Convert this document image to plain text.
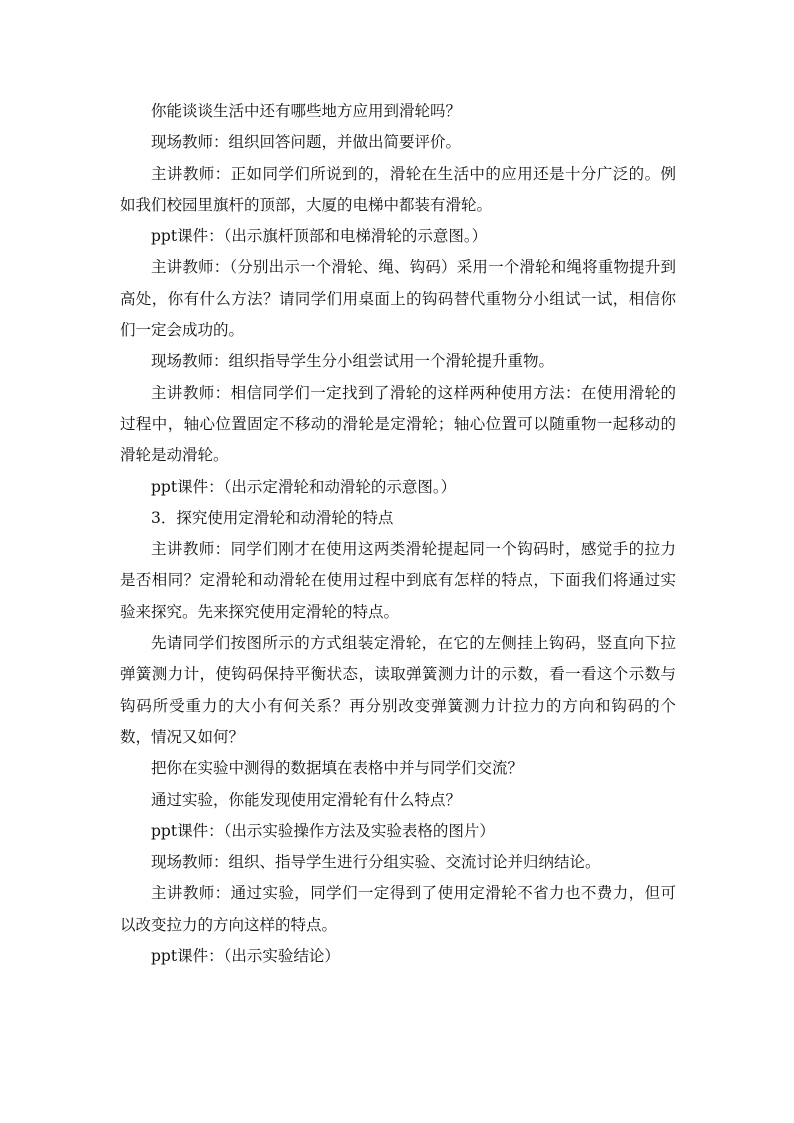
你能谈谈生活中还有哪些地方应用到滑轮吗？

现场教师：组织回答问题，并做出简要评价。

主讲教师：正如同学们所说到的，滑轮在生活中的应用还是十分广泛的。例如我们校园里旗杆的顶部，大厦的电梯中都装有滑轮。

ppt课件：（出示旗杆顶部和电梯滑轮的示意图。）

主讲教师：（分别出示一个滑轮、绳、钩码）采用一个滑轮和绳将重物提升到高处，你有什么方法？请同学们用桌面上的钩码替代重物分小组试一试，相信你们一定会成功的。

现场教师：组织指导学生分小组尝试用一个滑轮提升重物。

主讲教师：相信同学们一定找到了滑轮的这样两种使用方法：在使用滑轮的过程中，轴心位置固定不移动的滑轮是定滑轮；轴心位置可以随重物一起移动的滑轮是动滑轮。

ppt课件：（出示定滑轮和动滑轮的示意图。）

3．探究使用定滑轮和动滑轮的特点

主讲教师：同学们刚才在使用这两类滑轮提起同一个钩码时，感觉手的拉力是否相同？定滑轮和动滑轮在使用过程中到底有怎样的特点，下面我们将通过实验来探究。先来探究使用定滑轮的特点。

先请同学们按图所示的方式组装定滑轮，在它的左侧挂上钩码，竖直向下拉弹簧测力计，使钩码保持平衡状态，读取弹簧测力计的示数，看一看这个示数与钩码所受重力的大小有何关系？再分别改变弹簧测力计拉力的方向和钩码的个数，情况又如何？

把你在实验中测得的数据填在表格中并与同学们交流？

通过实验，你能发现使用定滑轮有什么特点？

ppt课件：（出示实验操作方法及实验表格的图片）

现场教师：组织、指导学生进行分组实验、交流讨论并归纳结论。

主讲教师：通过实验，同学们一定得到了使用定滑轮不省力也不费力，但可以改变拉力的方向这样的特点。

ppt课件：（出示实验结论）
